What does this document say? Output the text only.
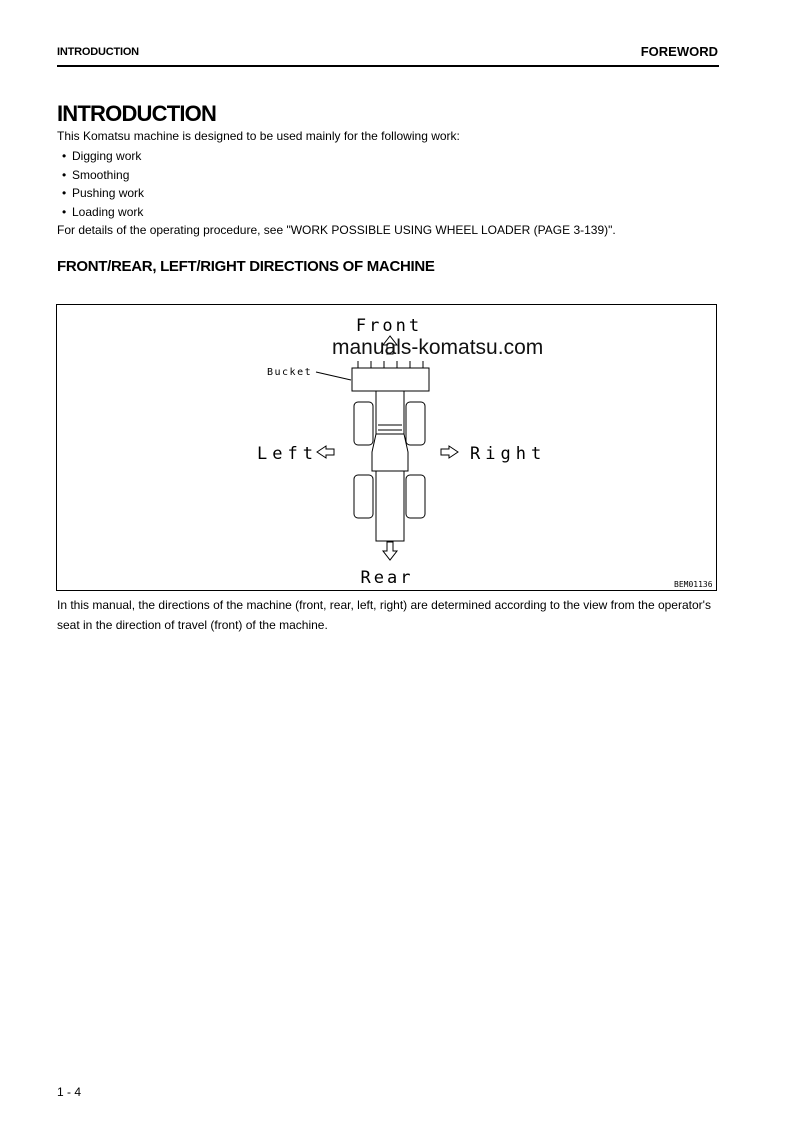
INTRODUCTION	FOREWORD
INTRODUCTION
This Komatsu machine is designed to be used mainly for the following work:
• Digging work
• Smoothing
• Pushing work
• Loading work
For details of the operating procedure, see "WORK POSSIBLE USING WHEEL LOADER (PAGE 3-139)".
FRONT/REAR, LEFT/RIGHT DIRECTIONS OF MACHINE
Front
Rear
Left	Right
Bucket
BEM01136
manuals-komatsu.com
In this manual, the directions of the machine (front, rear, left, right) are determined according to the view from the operator's seat in the direction of travel (front) of the machine.
1 - 4
